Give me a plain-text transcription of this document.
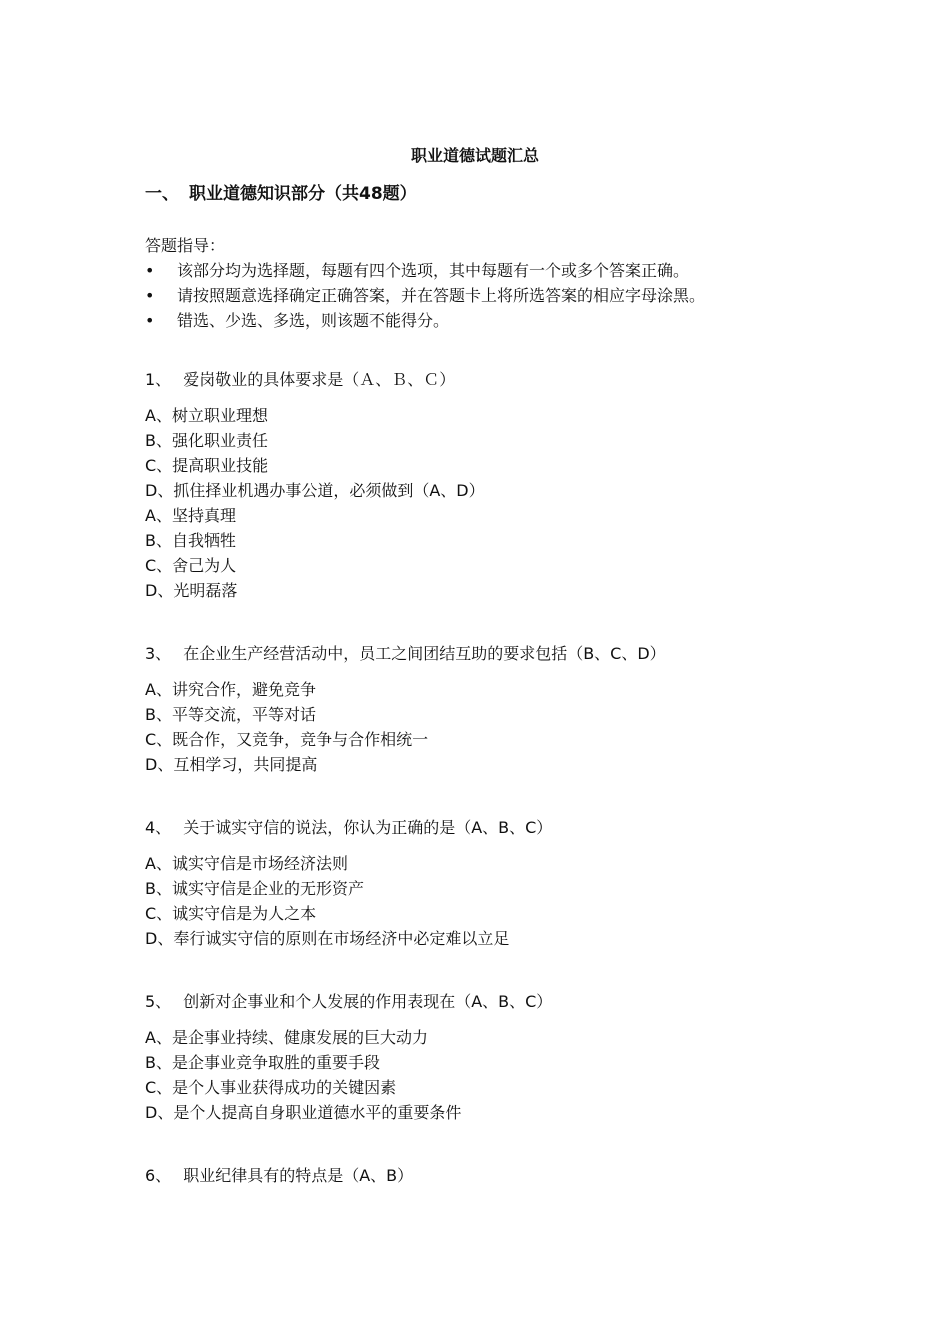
职业道德试题汇总
一、 职业道德知识部分（共48题）
答题指导：
• 该部分均为选择题，每题有四个选项，其中每题有一个或多个答案正确。
• 请按照题意选择确定正确答案，并在答题卡上将所选答案的相应字母涂黑。
• 错选、少选、多选，则该题不能得分。

1、 爱岗敬业的具体要求是（Ａ、Ｂ、Ｃ）

A、树立职业理想
B、强化职业责任
C、提高职业技能
D、抓住择业机遇办事公道，必须做到（A、D）
A、坚持真理
B、自我牺牲
C、舍己为人
D、光明磊落

3、 在企业生产经营活动中，员工之间团结互助的要求包括（B、C、D）

A、讲究合作，避免竞争
B、平等交流，平等对话
C、既合作，又竞争，竞争与合作相统一
D、互相学习，共同提高

4、 关于诚实守信的说法，你认为正确的是（A、B、C）

A、诚实守信是市场经济法则
B、诚实守信是企业的无形资产
C、诚实守信是为人之本
D、奉行诚实守信的原则在市场经济中必定难以立足

5、 创新对企事业和个人发展的作用表现在（A、B、C）

A、是企事业持续、健康发展的巨大动力
B、是企事业竞争取胜的重要手段
C、是个人事业获得成功的关键因素
D、是个人提高自身职业道德水平的重要条件

6、 职业纪律具有的特点是（A、B）
